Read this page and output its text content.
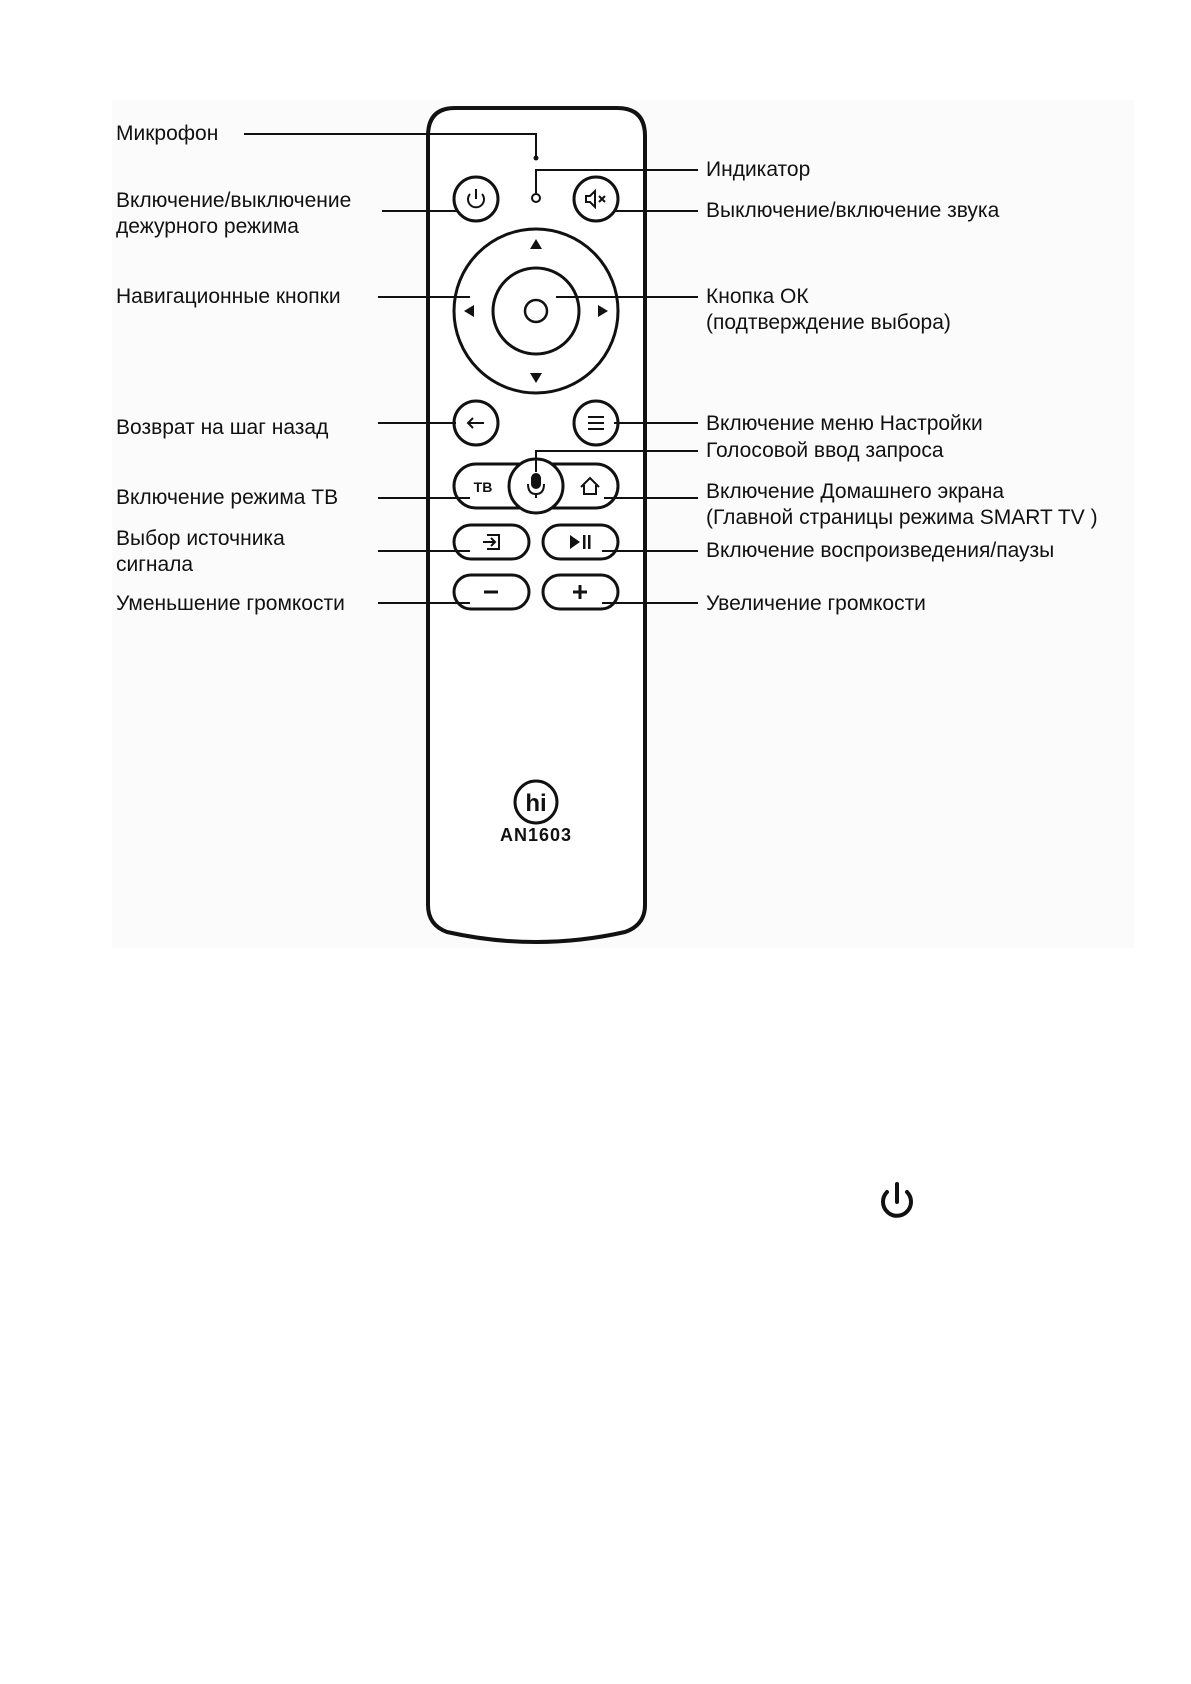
ТВ
hi
AN1603
Микрофон
Включение/выключение
дежурного режима
Навигационные кнопки
Возврат на шаг назад
Включение режима ТВ
Выбор источника
сигнала
Уменьшение громкости
Индикатор
Выключение/включение звука
Кнопка ОК
(подтверждение выбора)
Включение меню Настройки
Голосовой ввод запроса
Включение Домашнего экрана
(Главной страницы режима SMART TV )
Включение воспроизведения/паузы
Увеличение громкости
